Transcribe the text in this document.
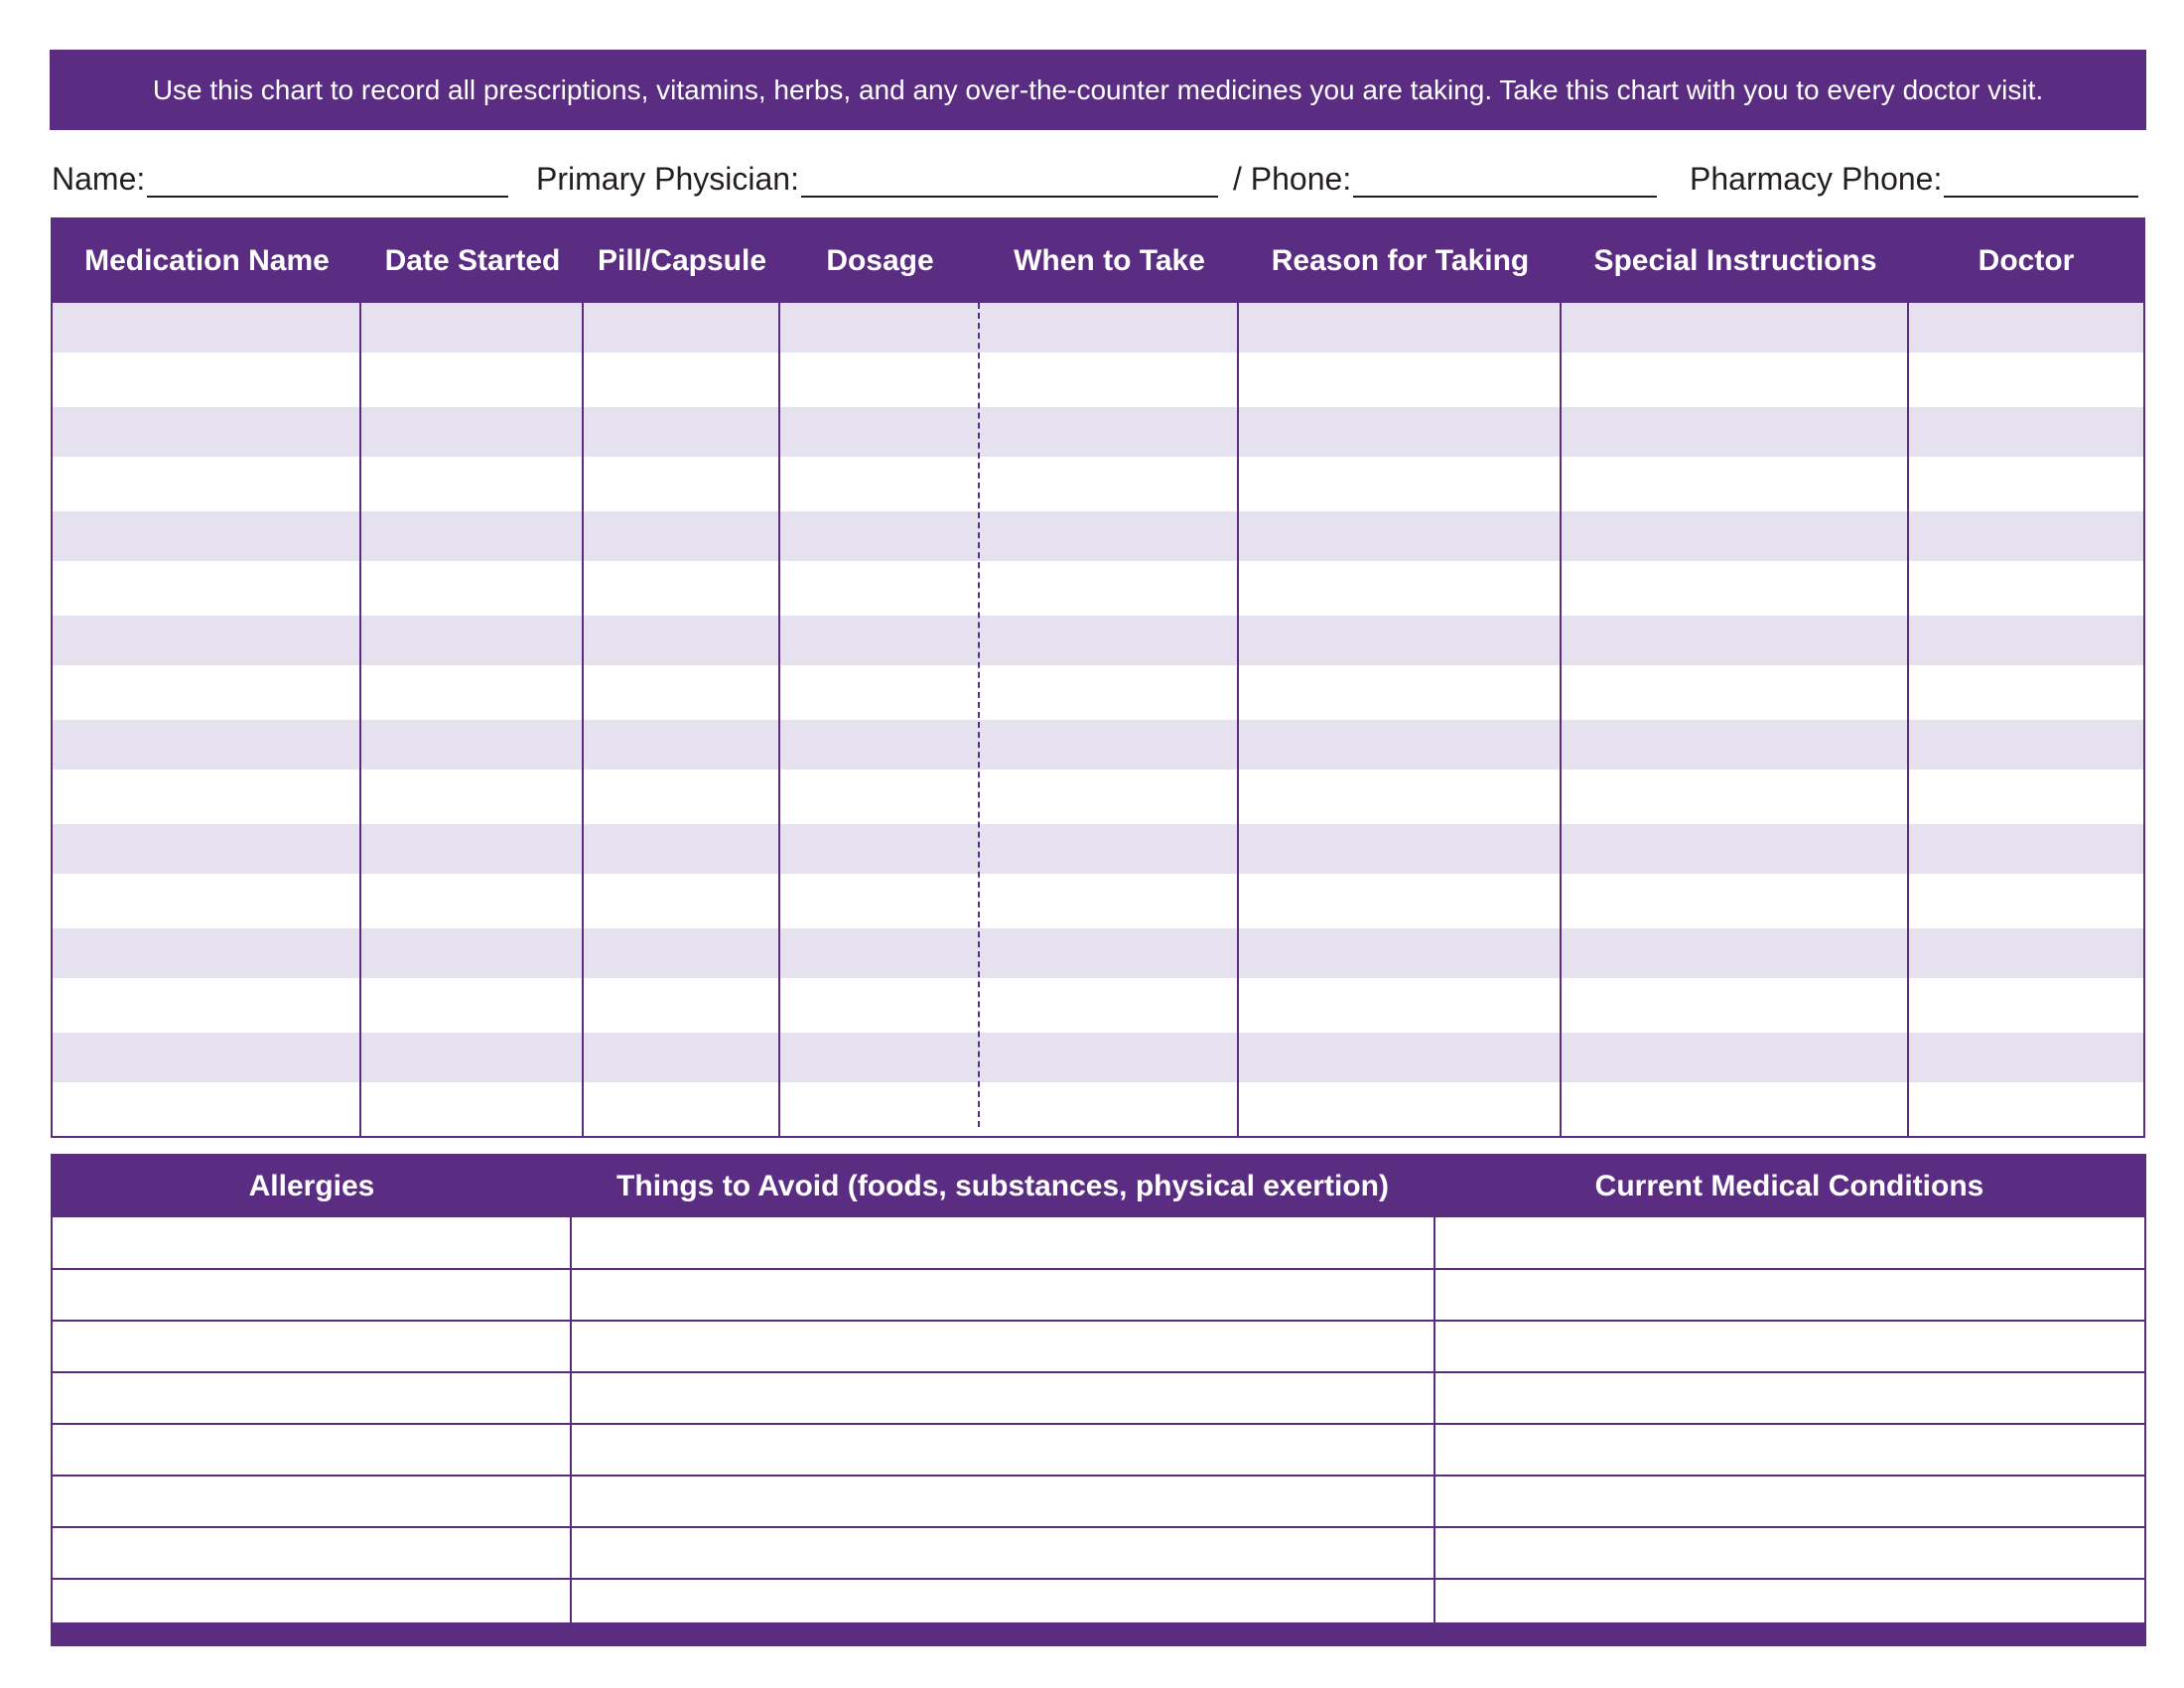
Use this chart to record all prescriptions, vitamins, herbs, and any over-the-counter medicines you are taking. Take this chart with you to every doctor visit.
Name:	Primary Physician:	/ Phone:	Pharmacy Phone:
Medication Name	Date Started	Pill/Capsule	Dosage	When to Take	Reason for Taking	Special Instructions	Doctor
Allergies	Things to Avoid (foods, substances, physical exertion)	Current Medical Conditions
